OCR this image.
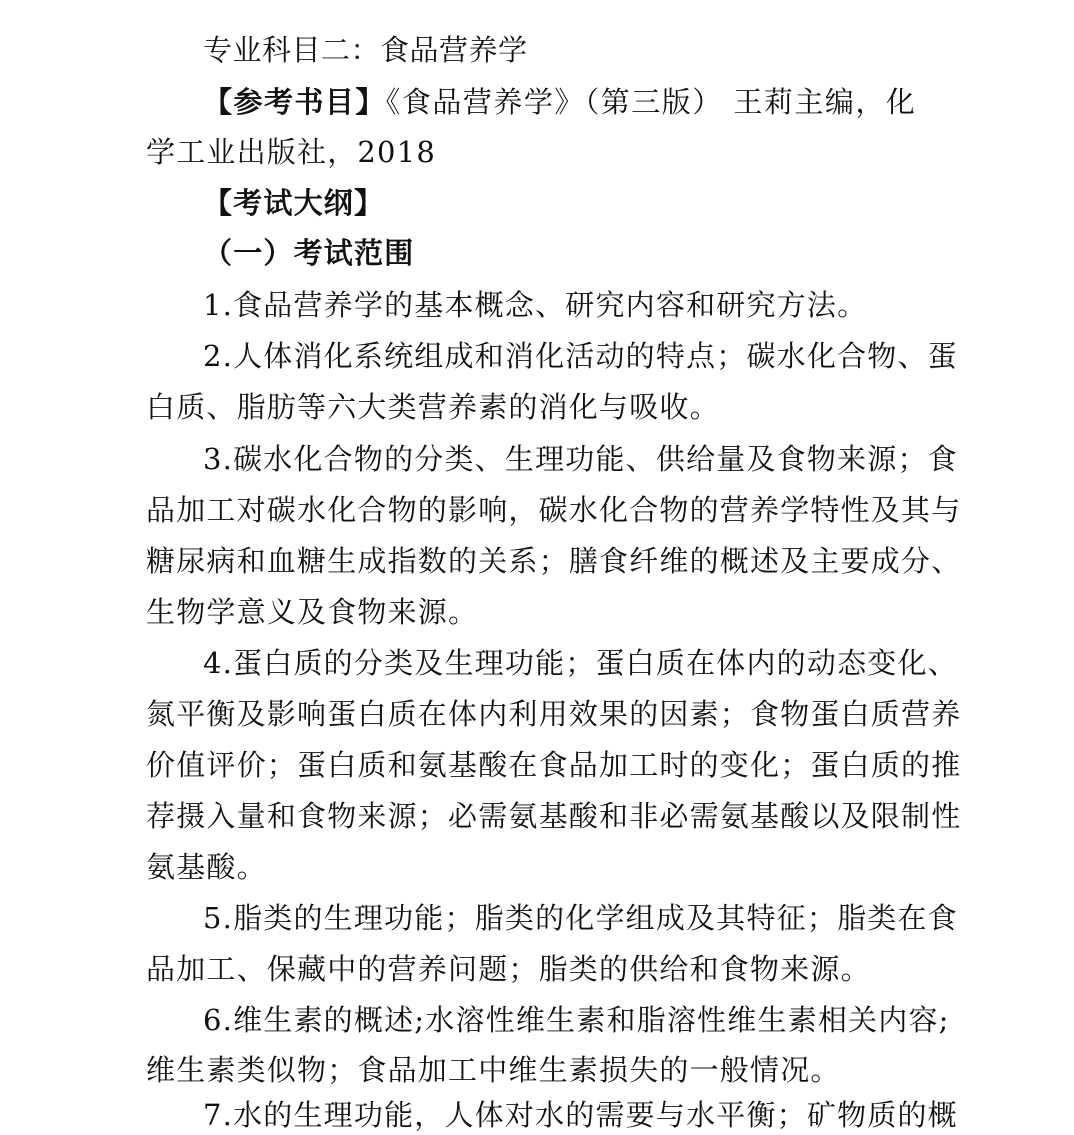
专业科目二：食品营养学
【参考书目】《食品营养学》（第三版） 王莉主编，化
学工业出版社，2018
【考试大纲】
（一）考试范围
1.食品营养学的基本概念、研究内容和研究方法。
2.人体消化系统组成和消化活动的特点；碳水化合物、蛋
白质、脂肪等六大类营养素的消化与吸收。
3.碳水化合物的分类、生理功能、供给量及食物来源；食
品加工对碳水化合物的影响，碳水化合物的营养学特性及其与
糖尿病和血糖生成指数的关系；膳食纤维的概述及主要成分、
生物学意义及食物来源。
4.蛋白质的分类及生理功能；蛋白质在体内的动态变化、
氮平衡及影响蛋白质在体内利用效果的因素；食物蛋白质营养
价值评价；蛋白质和氨基酸在食品加工时的变化；蛋白质的推
荐摄入量和食物来源；必需氨基酸和非必需氨基酸以及限制性
氨基酸。
5.脂类的生理功能；脂类的化学组成及其特征；脂类在食
品加工、保藏中的营养问题；脂类的供给和食物来源。
6.维生素的概述;水溶性维生素和脂溶性维生素相关内容;
维生素类似物；食品加工中维生素损失的一般情况。
7.水的生理功能，人体对水的需要与水平衡；矿物质的概
